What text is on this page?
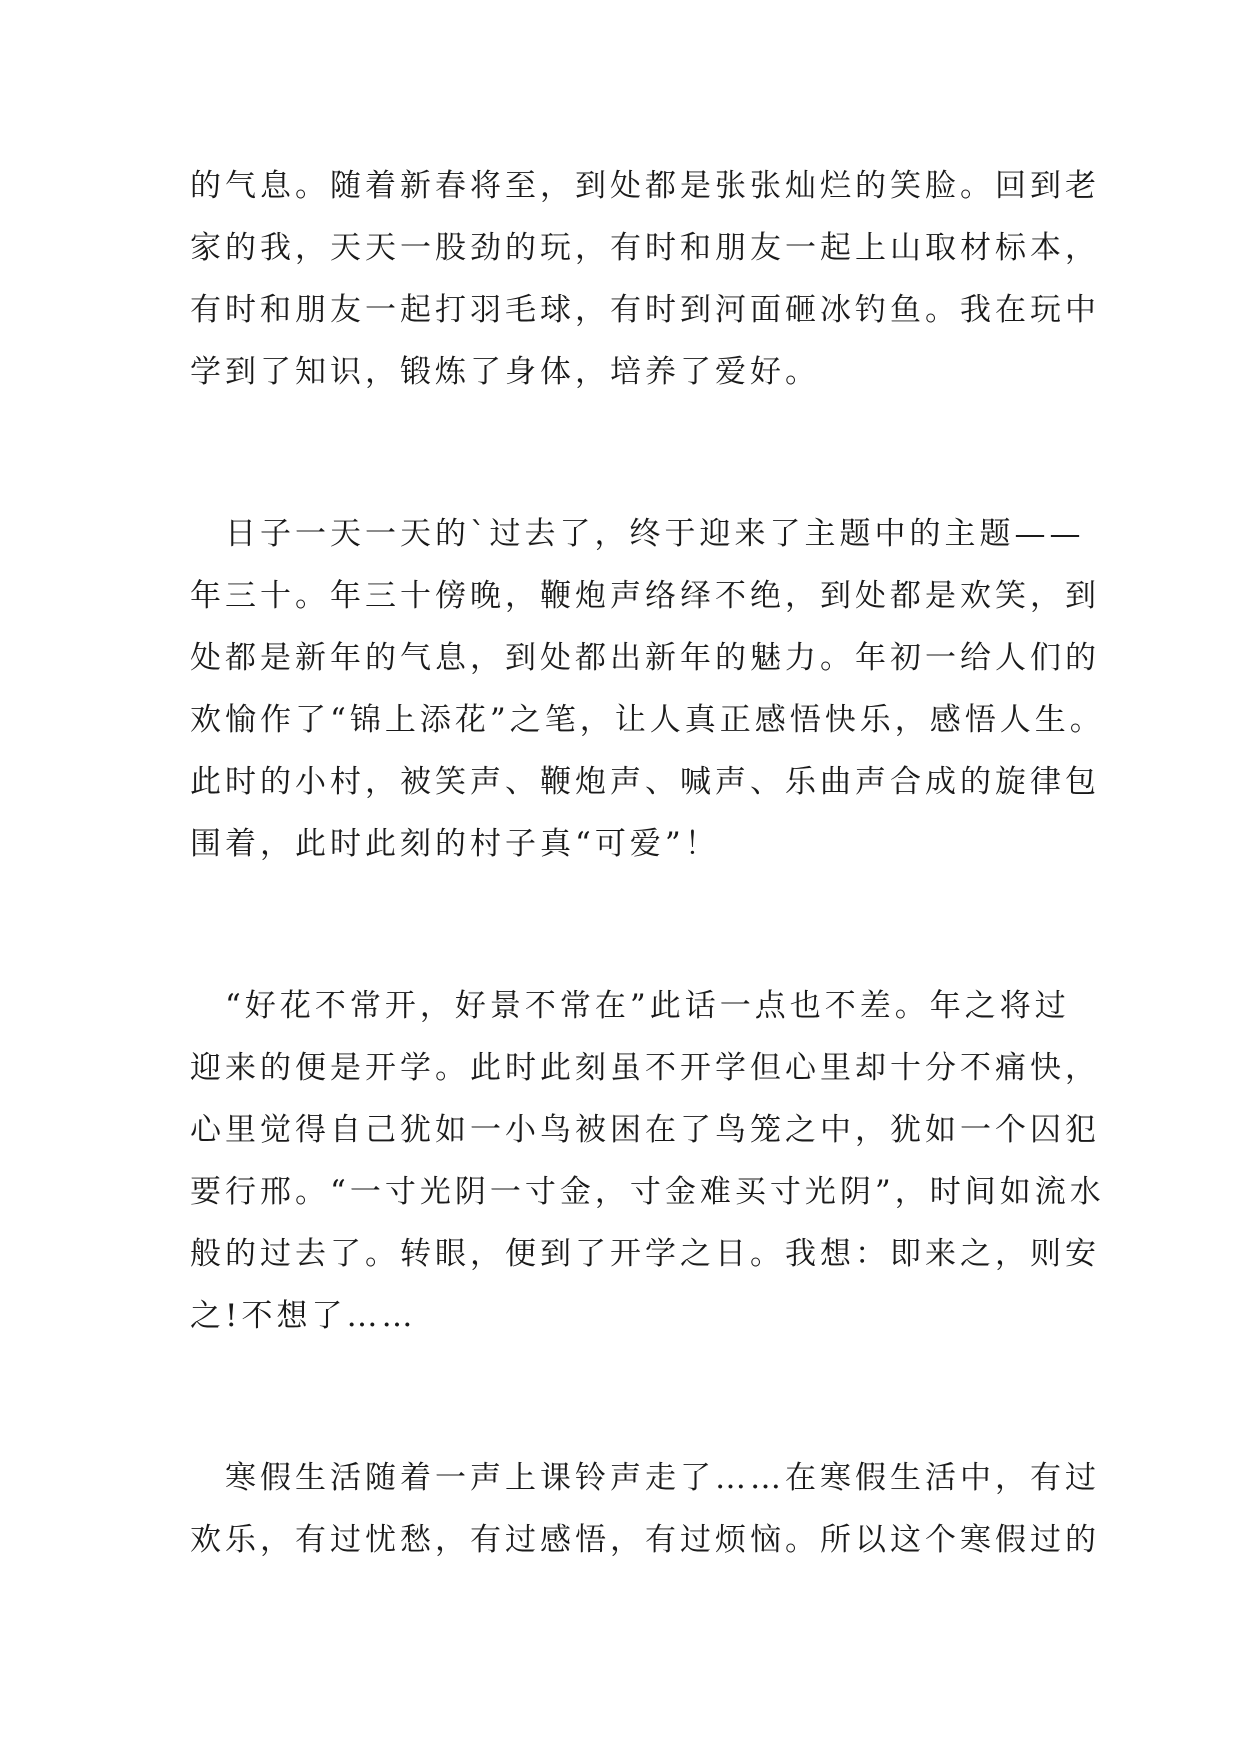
的气息。随着新春将至，到处都是张张灿烂的笑脸。回到老
家的我，天天一股劲的玩，有时和朋友一起上山取材标本，
有时和朋友一起打羽毛球，有时到河面砸冰钓鱼。我在玩中
学到了知识，锻炼了身体，培养了爱好。

　日子一天一天的`过去了，终于迎来了主题中的主题——
年三十。年三十傍晚，鞭炮声络绎不绝，到处都是欢笑，到
处都是新年的气息，到处都出新年的魅力。年初一给人们的
欢愉作了“锦上添花”之笔，让人真正感悟快乐，感悟人生。
此时的小村，被笑声、鞭炮声、喊声、乐曲声合成的旋律包
围着，此时此刻的村子真“可爱”！

　“好花不常开，好景不常在”此话一点也不差。年之将过
迎来的便是开学。此时此刻虽不开学但心里却十分不痛快，
心里觉得自己犹如一小鸟被困在了鸟笼之中，犹如一个囚犯
要行邢。“一寸光阴一寸金，寸金难买寸光阴”，时间如流水
般的过去了。转眼，便到了开学之日。我想：即来之，则安
之!不想了……

　寒假生活随着一声上课铃声走了……在寒假生活中，有过
欢乐，有过忧愁，有过感悟，有过烦恼。所以这个寒假过的
